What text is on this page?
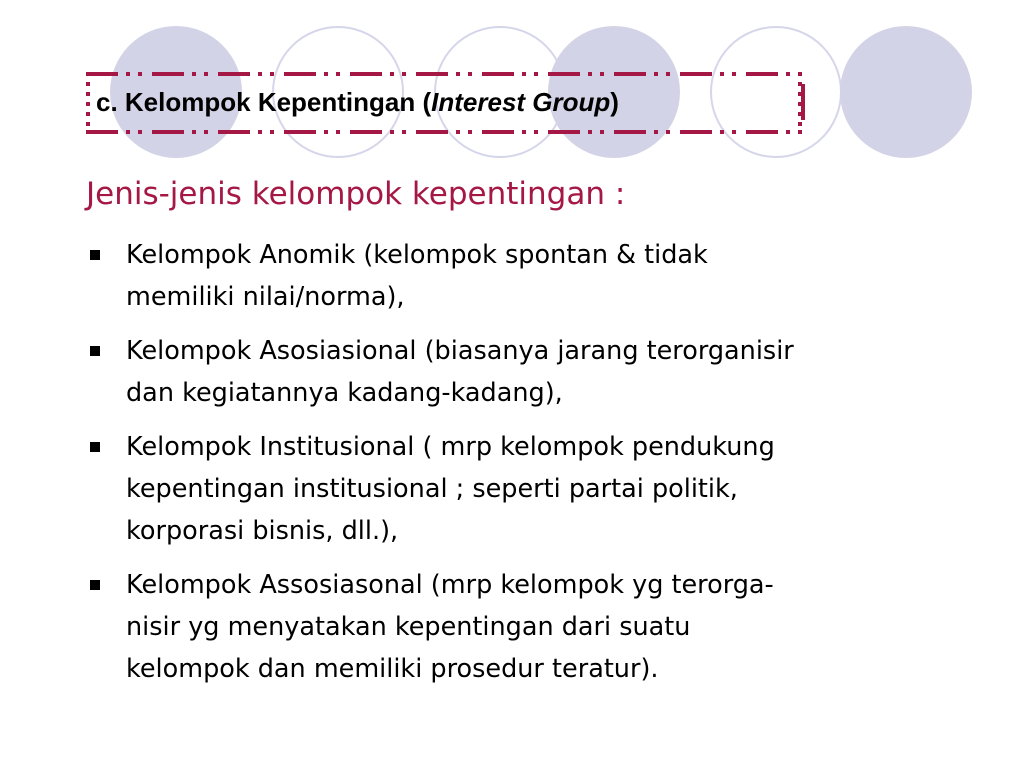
c. Kelompok Kepentingan (Interest Group)
Jenis-jenis kelompok kepentingan :
Kelompok Anomik (kelompok spontan & tidak
memiliki nilai/norma),
Kelompok Asosiasional (biasanya jarang terorganisir
dan kegiatannya kadang-kadang),
Kelompok Institusional ( mrp kelompok pendukung
kepentingan institusional ; seperti partai politik,
korporasi bisnis, dll.),
Kelompok Assosiasonal (mrp kelompok yg terorga-
nisir yg menyatakan kepentingan dari suatu
kelompok dan memiliki prosedur teratur).
